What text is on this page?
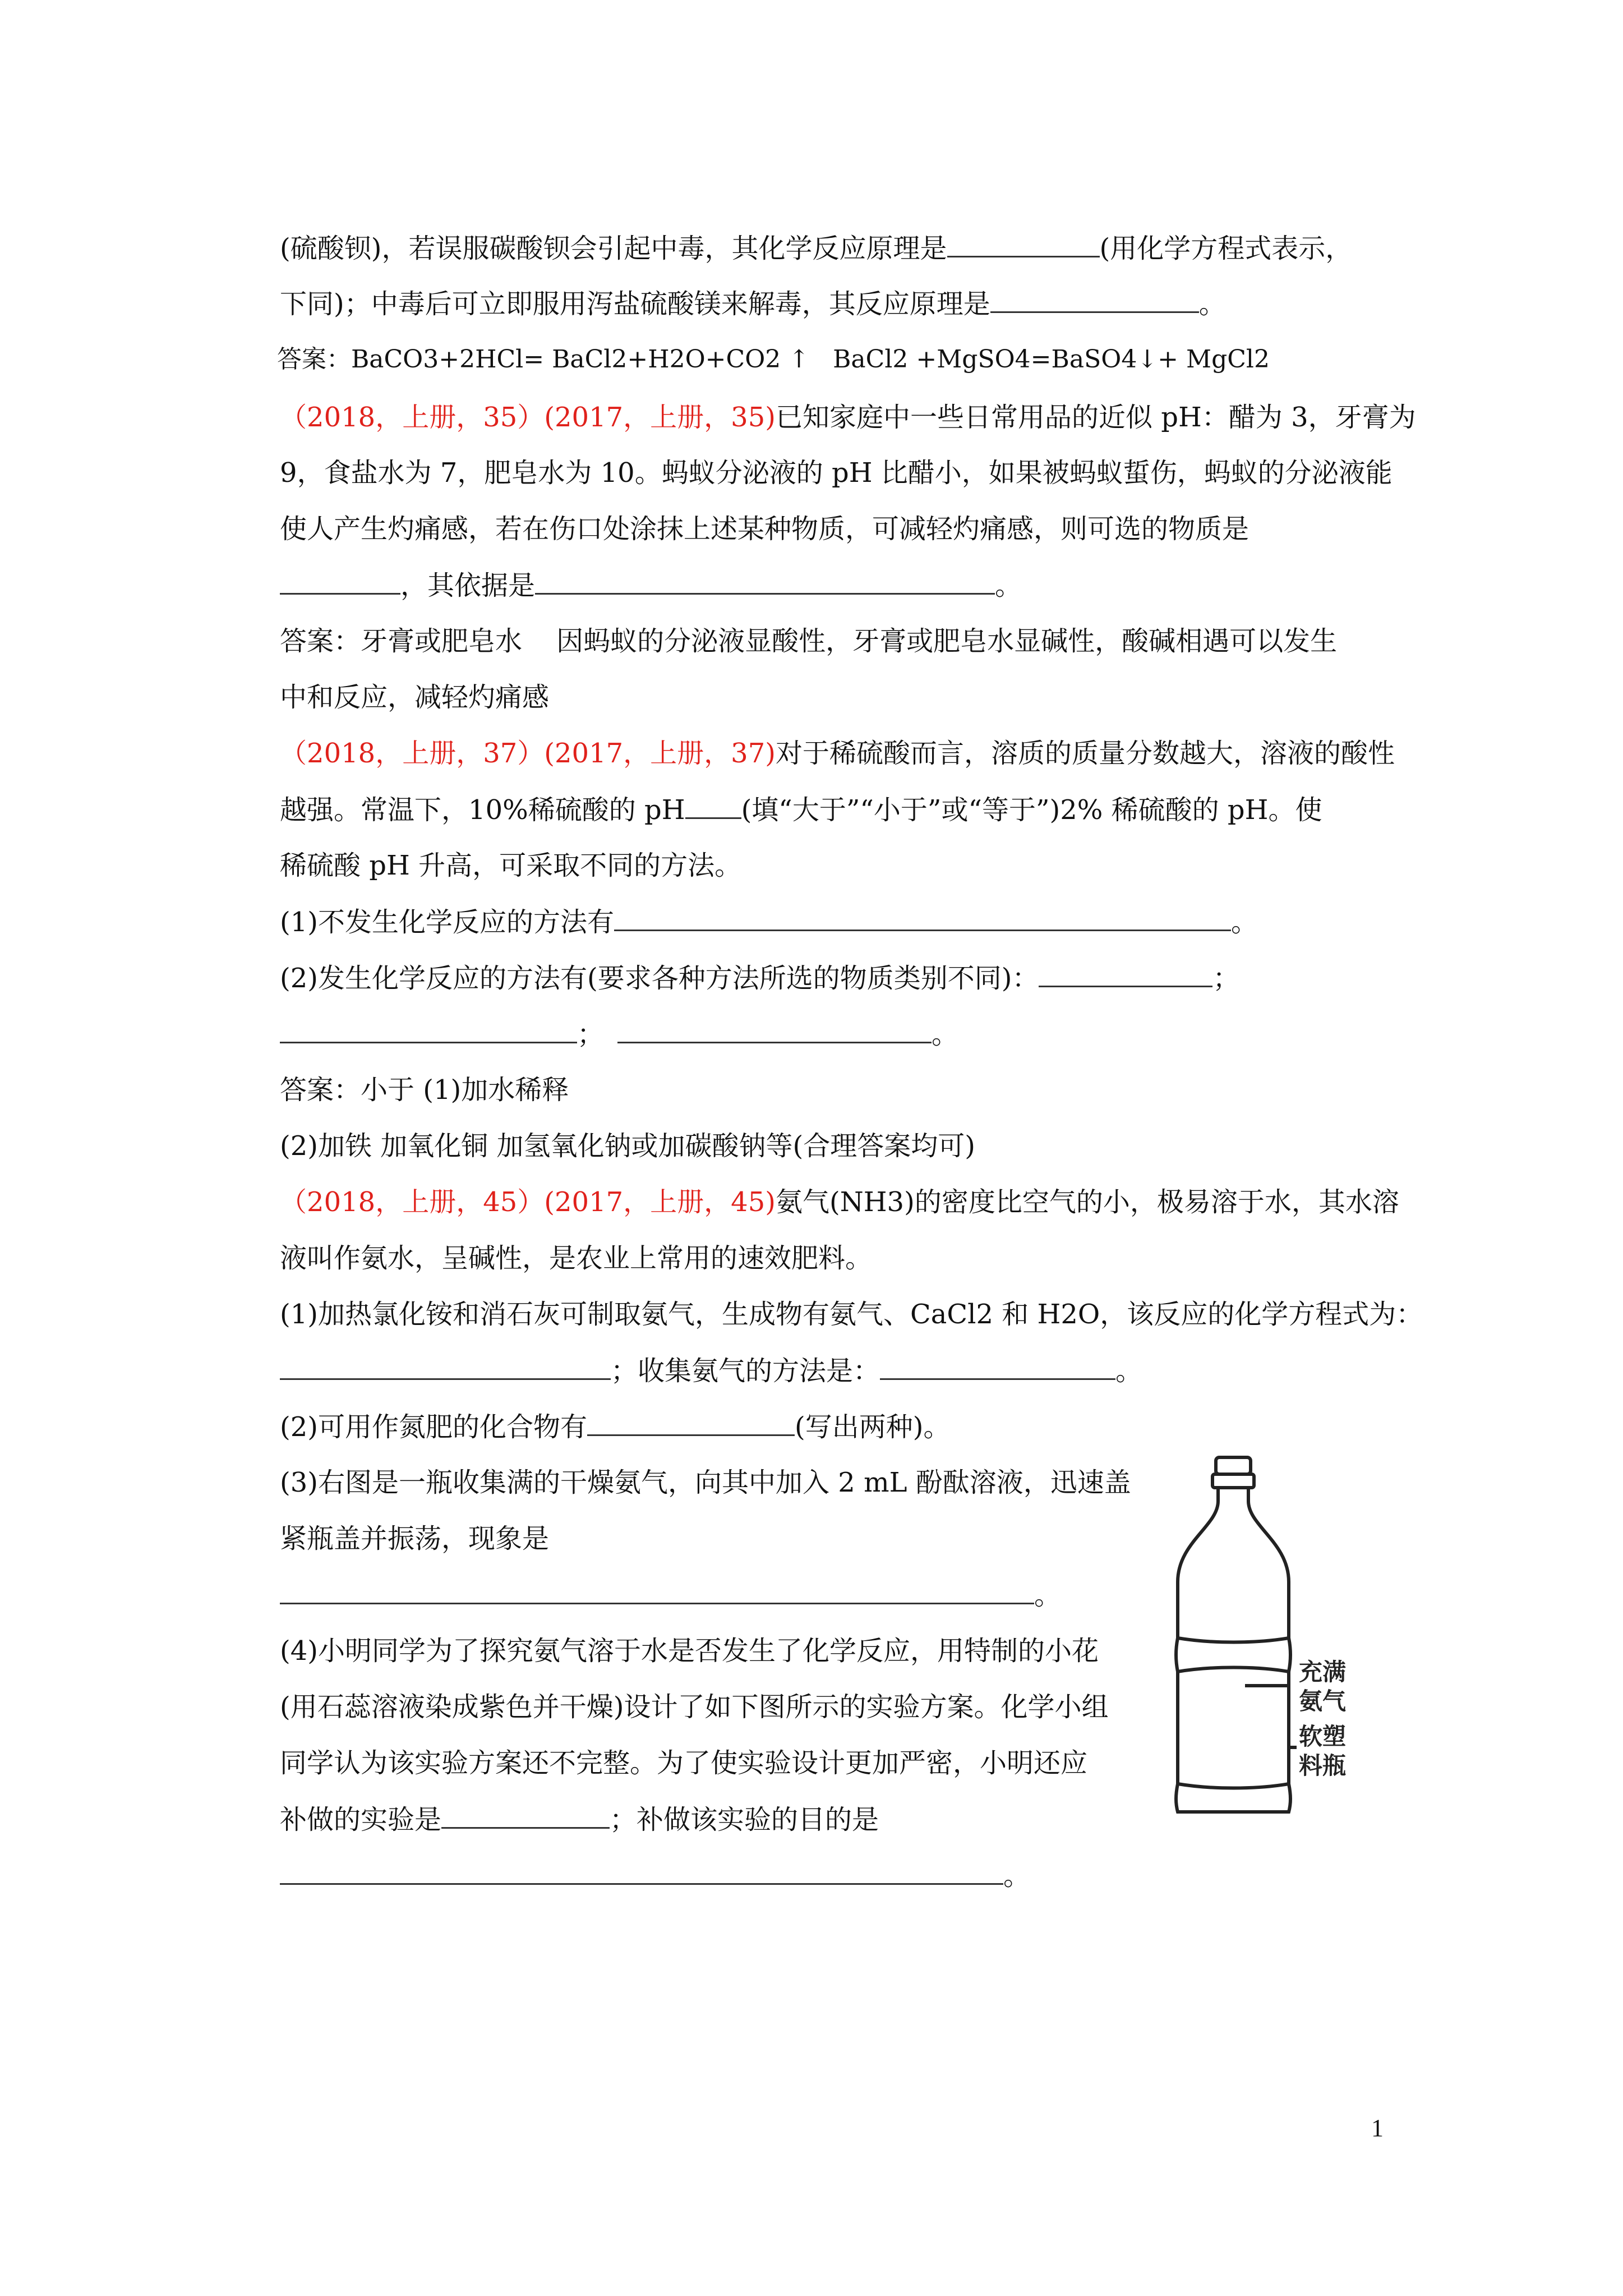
(硫酸钡)，若误服碳酸钡会引起中毒，其化学反应原理是	(用化学方程式表示，

下同)；中毒后可立即服用泻盐硫酸镁来解毒，其反应原理是	。

答案：BaCO3+2HCl= BaCl2+H2O+CO2 ↑   BaCl2 +MgSO4=BaSO4↓+ MgCl2

（2018，上册，35）(2017，上册，35)已知家庭中一些日常用品的近似 pH：醋为 3，牙膏为

9，食盐水为 7，肥皂水为 10。蚂蚁分泌液的 pH 比醋小，如果被蚂蚁蜇伤，蚂蚁的分泌液能

使人产生灼痛感，若在伤口处涂抹上述某种物质，可减轻灼痛感，则可选的物质是

，其依据是	。

答案：牙膏或肥皂水    因蚂蚁的分泌液显酸性，牙膏或肥皂水显碱性，酸碱相遇可以发生

中和反应，减轻灼痛感

（2018，上册，37）(2017，上册，37)对于稀硫酸而言，溶质的质量分数越大，溶液的酸性

越强。常温下，10%稀硫酸的 pH (填“大于”“小于”或“等于”)2% 稀硫酸的 pH。使

稀硫酸 pH 升高，可采取不同的方法。

(1)不发生化学反应的方法有	。

(2)发生化学反应的方法有(要求各种方法所选的物质类别不同)：	；

；	。

答案：小于 (1)加水稀释

(2)加铁 加氧化铜 加氢氧化钠或加碳酸钠等(合理答案均可)

（2018，上册，45）(2017，上册，45)氨气(NH3)的密度比空气的小，极易溶于水，其水溶

液叫作氨水，呈碱性，是农业上常用的速效肥料。

(1)加热氯化铵和消石灰可制取氨气，生成物有氨气、CaCl2 和 H2O，该反应的化学方程式为：

；收集氨气的方法是：	。

(2)可用作氮肥的化合物有	(写出两种)。

(3)右图是一瓶收集满的干燥氨气，向其中加入 2 mL 酚酞溶液，迅速盖

紧瓶盖并振荡，现象是

。

(4)小明同学为了探究氨气溶于水是否发生了化学反应，用特制的小花

(用石蕊溶液染成紫色并干燥)设计了如下图所示的实验方案。化学小组

同学认为该实验方案还不完整。为了使实验设计更加严密，小明还应

补做的实验是	；补做该实验的目的是

。

充满
氨气
软塑
料瓶
1
